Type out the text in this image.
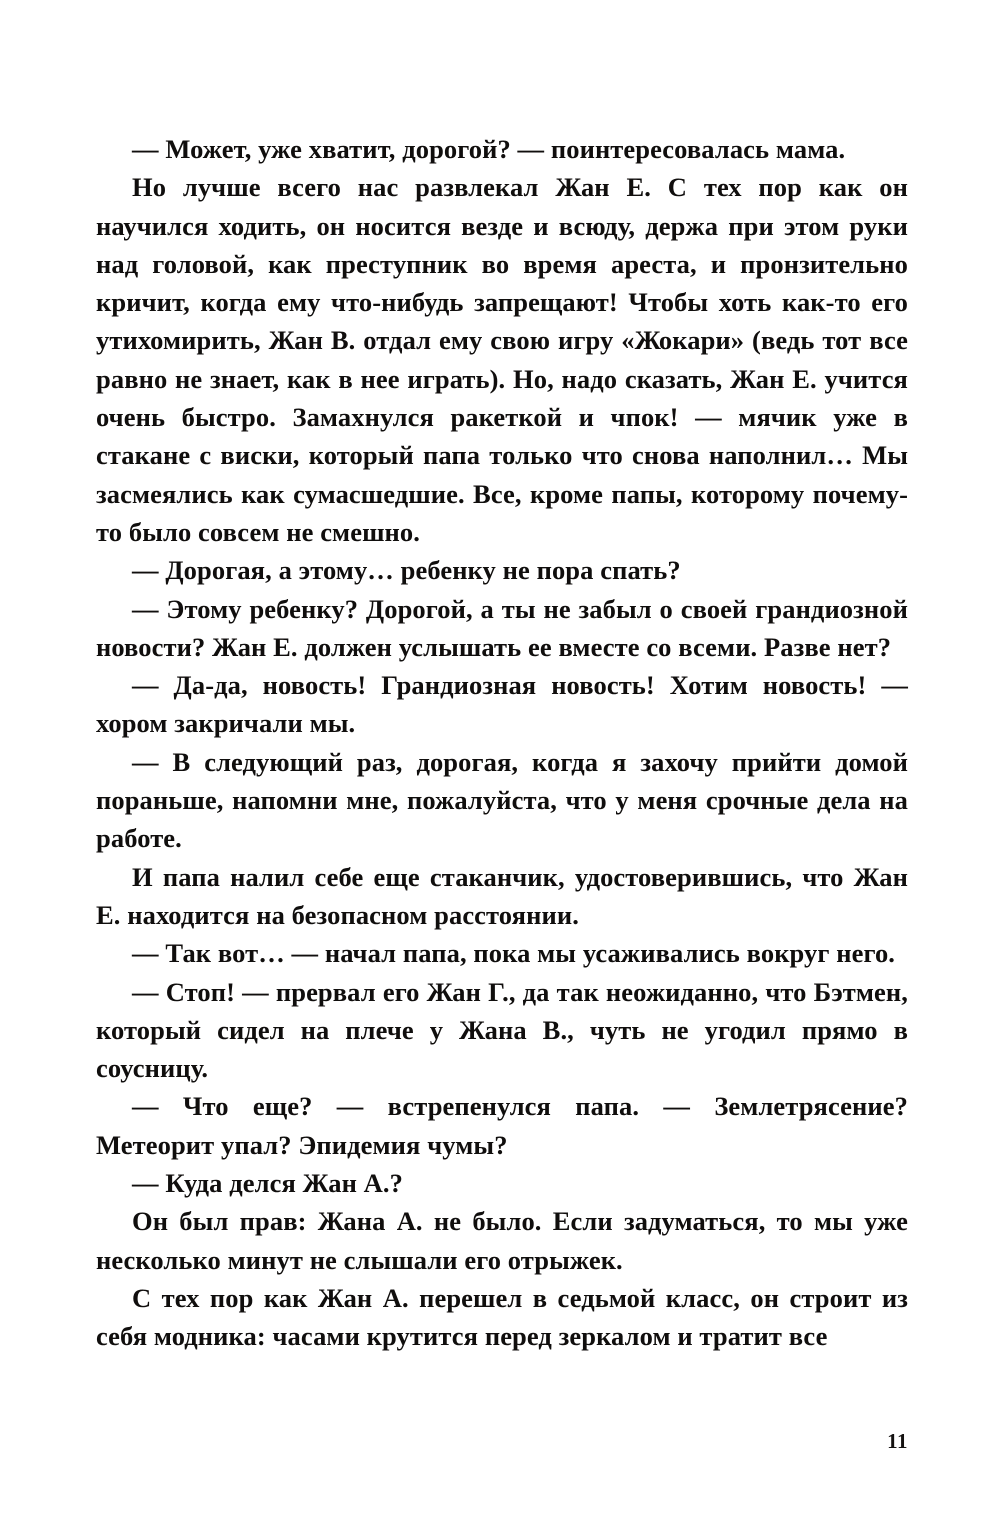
— Может, уже хватит, дорогой? — поинтересовалась мама.

Но лучше всего нас развлекал Жан Е. С тех пор как он научился ходить, он носится везде и всюду, держа при этом руки над головой, как преступник во время ареста, и пронзительно кричит, когда ему что-нибудь запрещают! Чтобы хоть как-то его утихомирить, Жан В. отдал ему свою игру «Жокари» (ведь тот все равно не знает, как в нее играть). Но, надо сказать, Жан Е. учится очень быстро. Замахнулся ракеткой и чпок! — мячик уже в стакане с виски, который папа только что снова наполнил… Мы засмеялись как сумасшедшие. Все, кроме папы, которому почему-то было совсем не смешно.

— Дорогая, а этому… ребенку не пора спать?

— Этому ребенку? Дорогой, а ты не забыл о своей грандиозной новости? Жан Е. должен услышать ее вместе со всеми. Разве нет?

— Да-да, новость! Грандиозная новость! Хотим новость! — хором закричали мы.

— В следующий раз, дорогая, когда я захочу прийти домой пораньше, напомни мне, пожалуйста, что у меня срочные дела на работе.

И папа налил себе еще стаканчик, удостоверившись, что Жан Е. находится на безопасном расстоянии.

— Так вот… — начал папа, пока мы усаживались вокруг него.

— Стоп! — прервал его Жан Г., да так неожиданно, что Бэтмен, который сидел на плече у Жана В., чуть не угодил прямо в соусницу.

— Что еще? — встрепенулся папа. — Землетрясение? Метеорит упал? Эпидемия чумы?

— Куда делся Жан А.?

Он был прав: Жана А. не было. Если задуматься, то мы уже несколько минут не слышали его отрыжек.

С тех пор как Жан А. перешел в седьмой класс, он строит из себя модника: часами крутится перед зеркалом и тратит все

11
